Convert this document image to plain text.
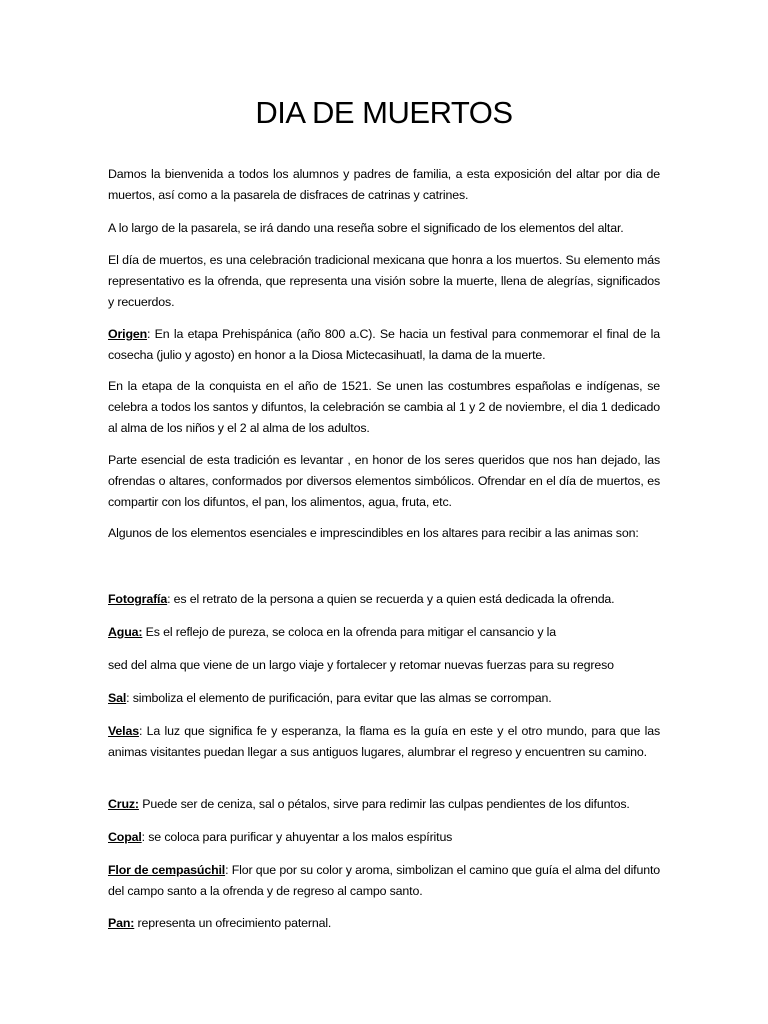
DIA DE MUERTOS

Damos la bienvenida a todos los alumnos y padres de familia, a esta exposición del altar por dia de muertos, así como a la pasarela de disfraces de catrinas y catrines.

A lo largo de la pasarela, se irá dando una reseña sobre el significado de los elementos del altar.

El día de muertos, es una celebración tradicional mexicana que honra a los muertos. Su elemento más representativo es la ofrenda, que representa una visión sobre la muerte, llena de alegrías, significados y recuerdos.

Origen: En la etapa Prehispánica (año 800 a.C). Se hacia un festival para conmemorar el final de la cosecha (julio y agosto) en honor a la Diosa Mictecasihuatl, la dama de la muerte.

En la etapa de la conquista en el año de 1521. Se unen las costumbres españolas e indígenas, se celebra a todos los santos y difuntos, la celebración se cambia al 1 y 2 de noviembre, el dia 1 dedicado al alma de los niños y el 2 al alma de los adultos.

Parte esencial de esta tradición es levantar , en honor de los seres queridos que nos han dejado, las ofrendas o altares, conformados por diversos elementos simbólicos. Ofrendar en el día de muertos, es compartir con los difuntos, el pan, los alimentos, agua, fruta, etc.

Algunos de los elementos esenciales e imprescindibles en los altares para recibir a las animas son:

Fotografía: es el retrato de la persona a quien se recuerda y a quien está dedicada la ofrenda.

Agua: Es el reflejo de pureza, se coloca en la ofrenda para mitigar el cansancio y la

sed del alma que viene de un largo viaje y fortalecer y retomar nuevas fuerzas para su regreso

Sal: simboliza el elemento de purificación, para evitar que las almas se corrompan.

Velas: La luz que significa fe y esperanza, la flama es la guía en este y el otro mundo, para que las animas visitantes puedan llegar a sus antiguos lugares, alumbrar el regreso y encuentren su camino.

Cruz: Puede ser de ceniza, sal o pétalos, sirve para redimir las culpas pendientes de los difuntos.

Copal: se coloca para purificar y ahuyentar a los malos espíritus

Flor de cempasúchil: Flor que por su color y aroma, simbolizan el camino que guía el alma del difunto del campo santo a la ofrenda y de regreso al campo santo.

Pan: representa un ofrecimiento paternal.
